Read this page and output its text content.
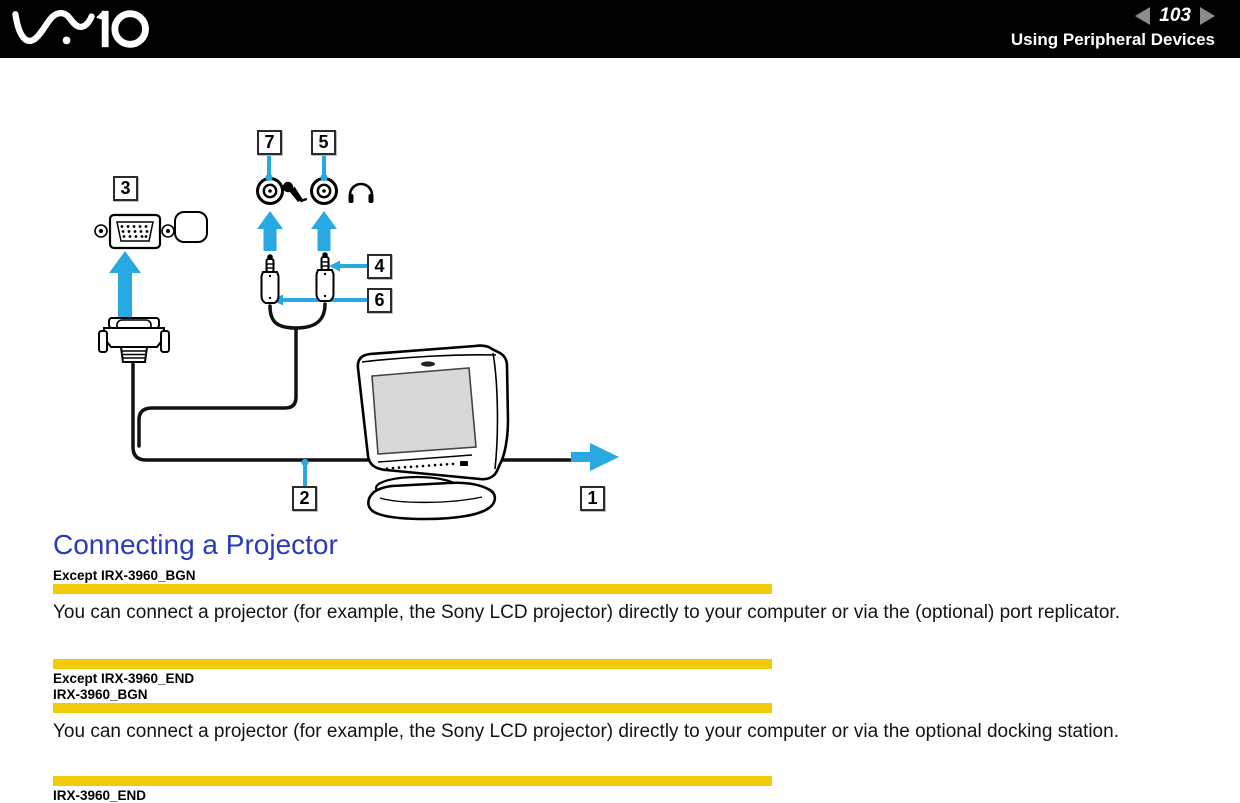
103
Using Peripheral Devices
1
2
3
4
5
6
7
Connecting a Projector
Except IRX-3960_BGN
You can connect a projector (for example, the Sony LCD projector) directly to your computer or via the (optional) port replicator.
Except IRX-3960_END
IRX-3960_BGN
You can connect a projector (for example, the Sony LCD projector) directly to your computer or via the optional docking station.
IRX-3960_END
